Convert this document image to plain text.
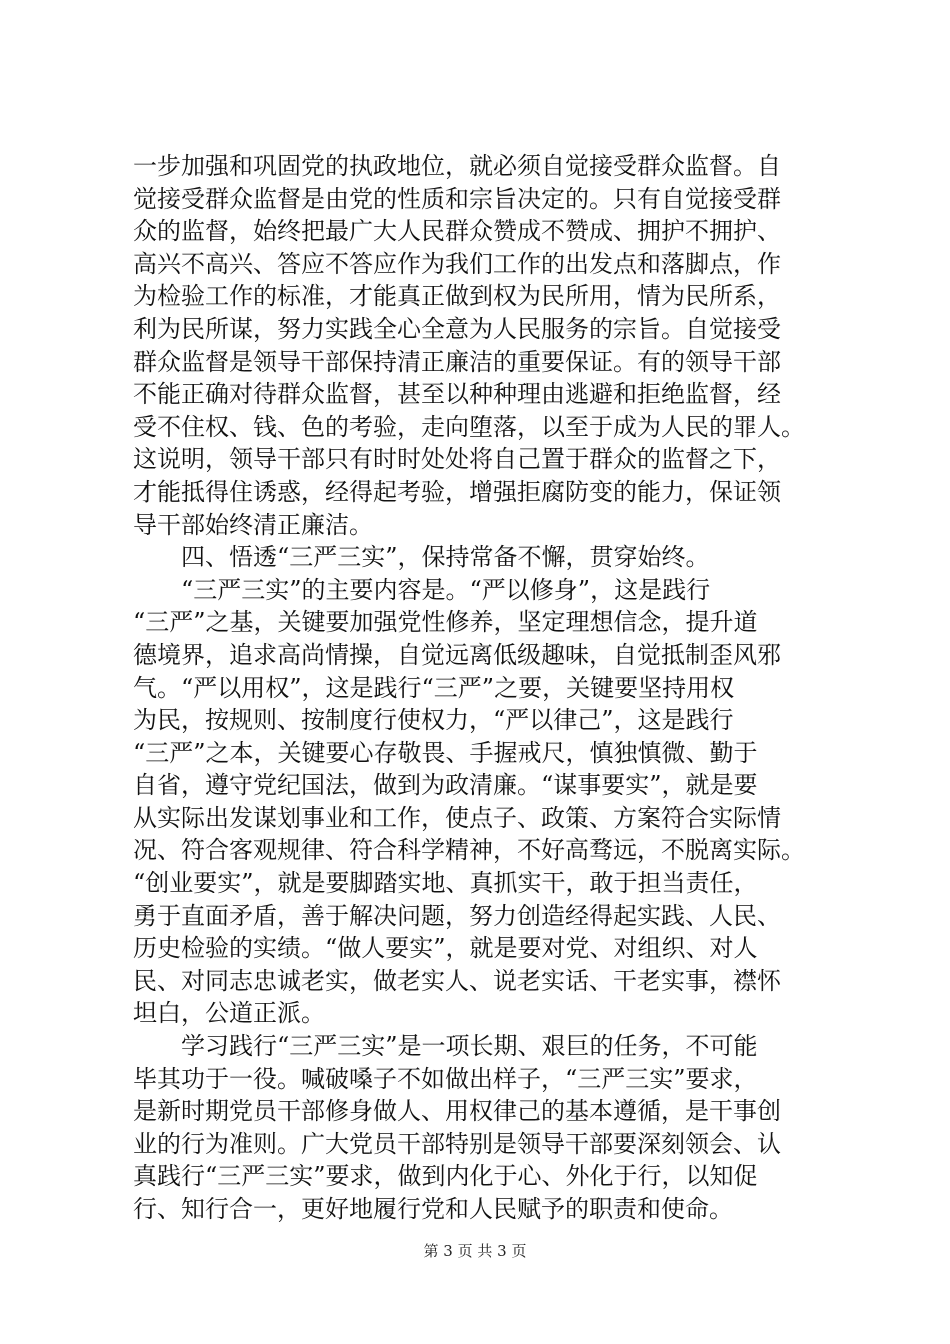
一步加强和巩固党的执政地位，就必须自觉接受群众监督。自
觉接受群众监督是由党的性质和宗旨决定的。只有自觉接受群
众的监督，始终把最广大人民群众赞成不赞成、拥护不拥护、
高兴不高兴、答应不答应作为我们工作的出发点和落脚点，作
为检验工作的标准，才能真正做到权为民所用，情为民所系，
利为民所谋，努力实践全心全意为人民服务的宗旨。自觉接受
群众监督是领导干部保持清正廉洁的重要保证。有的领导干部
不能正确对待群众监督，甚至以种种理由逃避和拒绝监督，经
受不住权、钱、色的考验，走向堕落，以至于成为人民的罪人。
这说明，领导干部只有时时处处将自己置于群众的监督之下，
才能抵得住诱惑，经得起考验，增强拒腐防变的能力，保证领
导干部始终清正廉洁。
　　四、悟透“三严三实”，保持常备不懈，贯穿始终。
　　“三严三实”的主要内容是。“严以修身”，这是践行
“三严”之基，关键要加强党性修养，坚定理想信念，提升道
德境界，追求高尚情操，自觉远离低级趣味，自觉抵制歪风邪
气。“严以用权”，这是践行“三严”之要，关键要坚持用权
为民，按规则、按制度行使权力，“严以律己”，这是践行
“三严”之本，关键要心存敬畏、手握戒尺，慎独慎微、勤于
自省，遵守党纪国法，做到为政清廉。“谋事要实”，就是要
从实际出发谋划事业和工作，使点子、政策、方案符合实际情
况、符合客观规律、符合科学精神，不好高骛远，不脱离实际。
“创业要实”，就是要脚踏实地、真抓实干，敢于担当责任，
勇于直面矛盾，善于解决问题，努力创造经得起实践、人民、
历史检验的实绩。“做人要实”，就是要对党、对组织、对人
民、对同志忠诚老实，做老实人、说老实话、干老实事，襟怀
坦白，公道正派。
　　学习践行“三严三实”是一项长期、艰巨的任务，不可能
毕其功于一役。喊破嗓子不如做出样子，“三严三实”要求，
是新时期党员干部修身做人、用权律己的基本遵循，是干事创
业的行为准则。广大党员干部特别是领导干部要深刻领会、认
真践行“三严三实”要求，做到内化于心、外化于行，以知促
行、知行合一，更好地履行党和人民赋予的职责和使命。
第 3 页 共 3 页
